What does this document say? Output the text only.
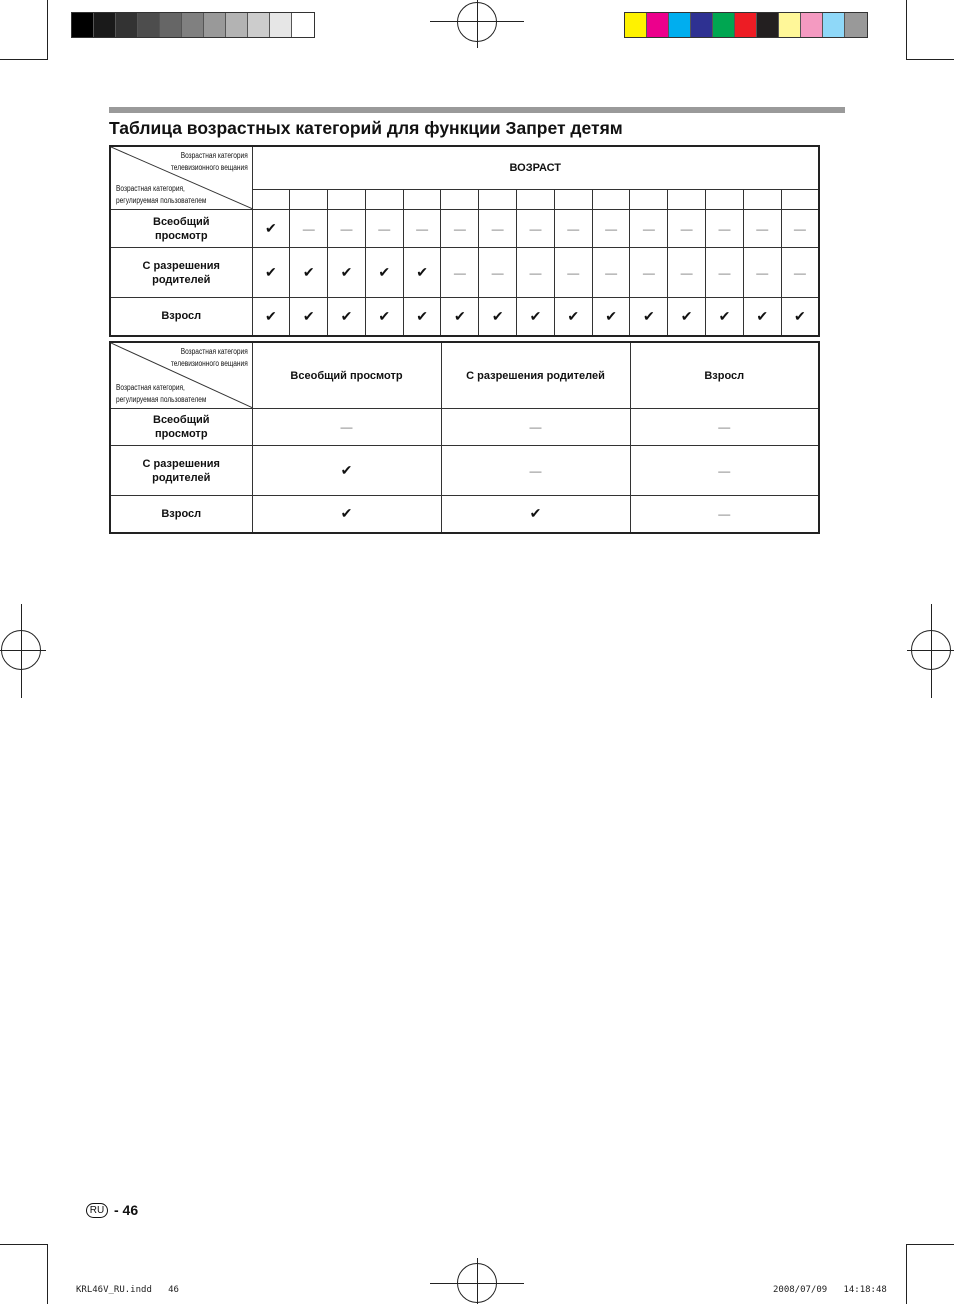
Таблица возрастных категорий для функции Запрет детям
Возрастная категория
телевизионного вещания
Возрастная категория,
регулируемая пользователем	ВОЗРАСТ														

Всеобщий просмотр	✔	—	—	—	—	—	—	—	—	—	—	—	—	—	—
С разрешения родителей	✔	✔	✔	✔	✔	—	—	—	—	—	—	—	—	—	—
Взросл	✔	✔	✔	✔	✔	✔	✔	✔	✔	✔	✔	✔	✔	✔	✔
Возрастная категория
телевизионного вещания
Возрастная категория,
регулируемая пользователем	Всеобщий просмотр	С разрешения родителей	Взросл
Всеобщий просмотр	—	—	—
С разрешения родителей	✔	—	—
Взросл	✔	✔	—
RU - 46
KRL46V_RU.indd   46	2008/07/09   14:18:48
